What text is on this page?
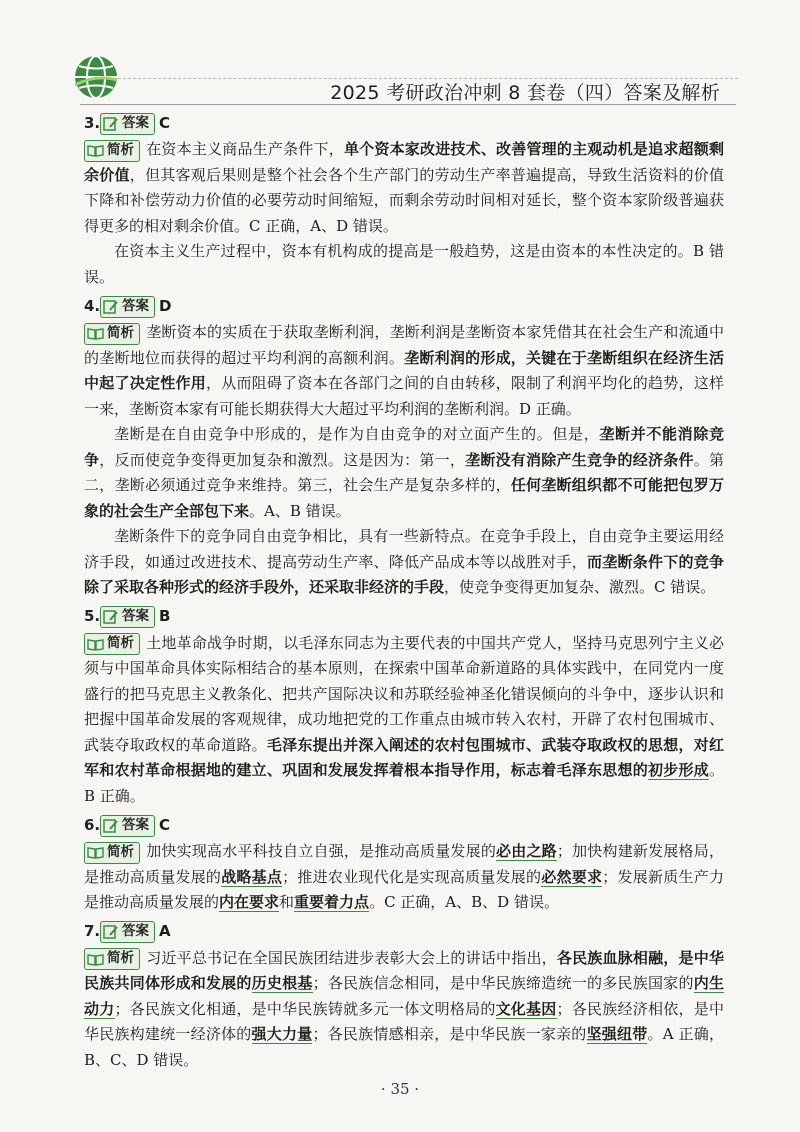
2025 考研政治冲刺 8 套卷（四）答案及解析
3. 答案 C

简析 在资本主义商品生产条件下，单个资本家改进技术、改善管理的主观动机是追求超额剩余价值，但其客观后果则是整个社会各个生产部门的劳动生产率普遍提高，导致生活资料的价值下降和补偿劳动力价值的必要劳动时间缩短，而剩余劳动时间相对延长，整个资本家阶级普遍获得更多的相对剩余价值。C 正确，A、D 错误。

在资本主义生产过程中，资本有机构成的提高是一般趋势，这是由资本的本性决定的。B 错误。

4. 答案 D

简析 垄断资本的实质在于获取垄断利润，垄断利润是垄断资本家凭借其在社会生产和流通中的垄断地位而获得的超过平均利润的高额利润。垄断利润的形成，关键在于垄断组织在经济生活中起了决定性作用，从而阻碍了资本在各部门之间的自由转移，限制了利润平均化的趋势，这样一来，垄断资本家有可能长期获得大大超过平均利润的垄断利润。D 正确。

垄断是在自由竞争中形成的，是作为自由竞争的对立面产生的。但是，垄断并不能消除竞争，反而使竞争变得更加复杂和激烈。这是因为：第一，垄断没有消除产生竞争的经济条件。第二，垄断必须通过竞争来维持。第三，社会生产是复杂多样的，任何垄断组织都不可能把包罗万象的社会生产全部包下来。A、B 错误。

垄断条件下的竞争同自由竞争相比，具有一些新特点。在竞争手段上，自由竞争主要运用经济手段，如通过改进技术、提高劳动生产率、降低产品成本等以战胜对手，而垄断条件下的竞争除了采取各种形式的经济手段外，还采取非经济的手段，使竞争变得更加复杂、激烈。C 错误。

5. 答案 B

简析 土地革命战争时期，以毛泽东同志为主要代表的中国共产党人，坚持马克思列宁主义必须与中国革命具体实际相结合的基本原则，在探索中国革命新道路的具体实践中，在同党内一度盛行的把马克思主义教条化、把共产国际决议和苏联经验神圣化错误倾向的斗争中，逐步认识和把握中国革命发展的客观规律，成功地把党的工作重点由城市转入农村，开辟了农村包围城市、武装夺取政权的革命道路。毛泽东提出并深入阐述的农村包围城市、武装夺取政权的思想，对红军和农村革命根据地的建立、巩固和发展发挥着根本指导作用，标志着毛泽东思想的初步形成。B 正确。

6. 答案 C

简析 加快实现高水平科技自立自强，是推动高质量发展的必由之路；加快构建新发展格局，是推动高质量发展的战略基点；推进农业现代化是实现高质量发展的必然要求；发展新质生产力是推动高质量发展的内在要求和重要着力点。C 正确，A、B、D 错误。

7. 答案 A

简析 习近平总书记在全国民族团结进步表彰大会上的讲话中指出，各民族血脉相融，是中华民族共同体形成和发展的历史根基；各民族信念相同，是中华民族缔造统一的多民族国家的内生动力；各民族文化相通，是中华民族铸就多元一体文明格局的文化基因；各民族经济相依，是中华民族构建统一经济体的强大力量；各民族情感相亲，是中华民族一家亲的坚强纽带。A 正确，B、C、D 错误。

· 35 ·
